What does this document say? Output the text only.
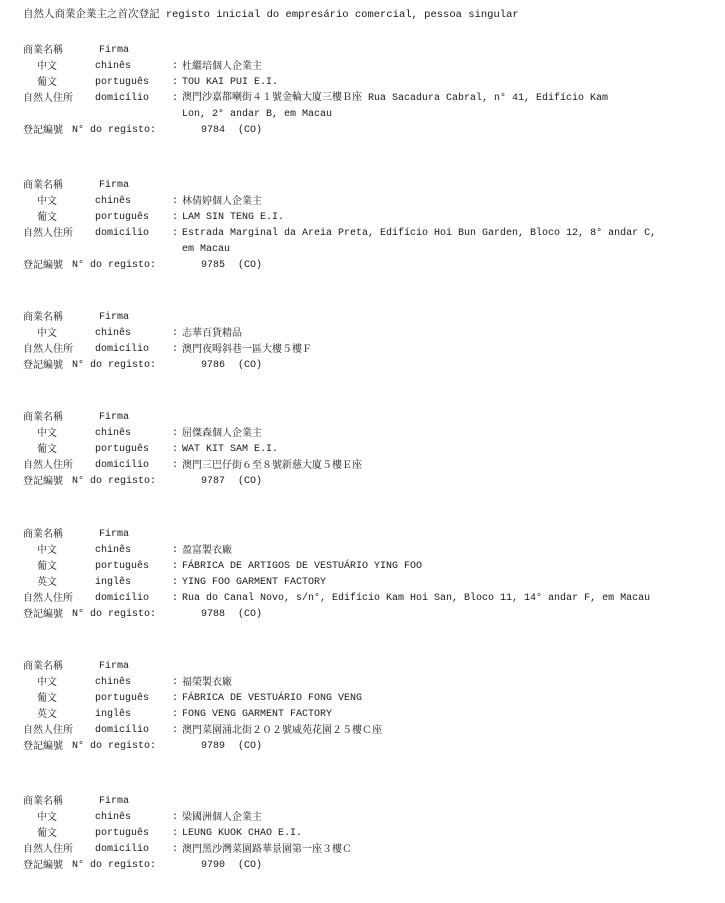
自然人商業企業主之首次登記 registo inicial do empresário comercial, pessoa singular
商業名稱	Firma
中文	chinês	: 杜繼培個人企業主
葡文	português : TOU KAI PUI E.I.
自然人住所 domicílio : 澳門沙嘉都喇街４１號金輪大廈三樓Ｂ座 Rua Sacadura Cabral, n° 41, Edifício Kam
Lon, 2° andar B, em Macau
登記編號 N° do registo:	9784 (CO)
商業名稱	Firma
中文	chinês	: 林倩婷個人企業主
葡文	português : LAM SIN TENG E.I.
自然人住所 domicílio : Estrada Marginal da Areia Preta, Edifício Hoi Bun Garden, Bloco 12, 8° andar C,
em Macau
登記編號 N° do registo:	9785 (CO)
商業名稱	Firma
中文	chinês	: 志華百貨精品
自然人住所 domicílio : 澳門夜呣斜巷一區大樓５樓Ｆ
登記編號 N° do registo:	9786 (CO)
商業名稱	Firma
中文	chinês	: 屈傑森個人企業主
葡文	português : WAT KIT SAM E.I.
自然人住所 domicílio : 澳門三巴仔街６至８號新慈大廈５樓Ｅ座
登記編號 N° do registo:	9787 (CO)
商業名稱	Firma
中文	chinês	: 盈富製衣廠
葡文	português : FÁBRICA DE ARTIGOS DE VESTUÁRIO YING FOO
英文	inglês	: YING FOO GARMENT FACTORY
自然人住所 domicílio : Rua do Canal Novo, s/n°, Edifício Kam Hoi San, Bloco 11, 14° andar F, em Macau
登記編號 N° do registo:	9788 (CO)
商業名稱	Firma
中文	chinês	: 福榮製衣廠
葡文	português : FÁBRICA DE VESTUÁRIO FONG VENG
英文	inglês	: FONG VENG GARMENT FACTORY
自然人住所 domicílio : 澳門菜園涌北街２０２號威苑花園２５樓Ｃ座
登記編號 N° do registo:	9789 (CO)
商業名稱	Firma
中文	chinês	: 梁國洲個人企業主
葡文	português : LEUNG KUOK CHAO E.I.
自然人住所 domicílio : 澳門黑沙灣菜園路華景園第一座３樓Ｃ
登記編號 N° do registo:	9790 (CO)
